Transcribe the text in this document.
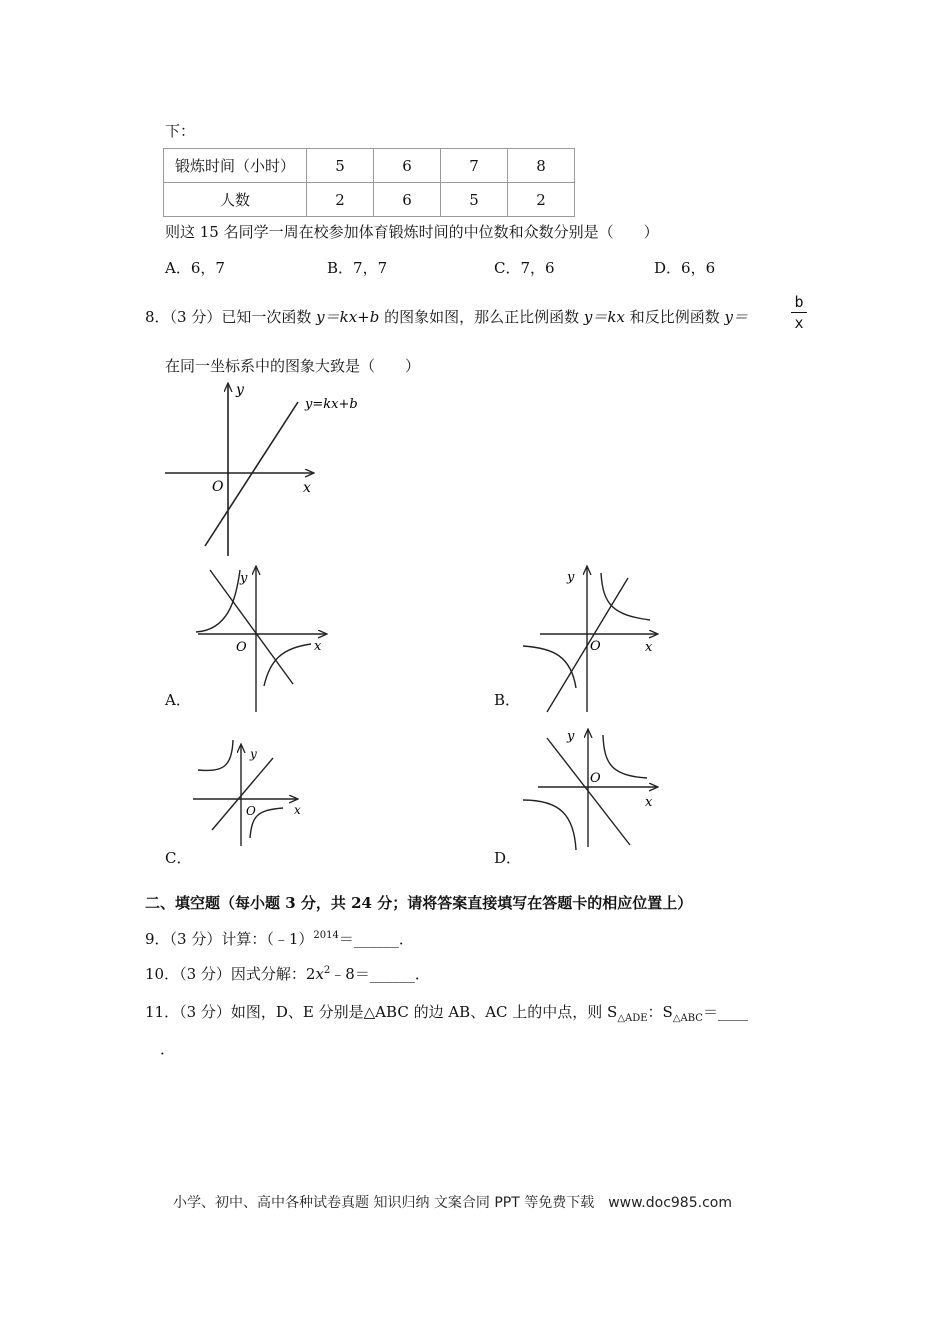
下：
锻炼时间（小时）	5	6	7	8
人数	2	6	5	2
则这 15 名同学一周在校参加体育锻炼时间的中位数和众数分别是（　　）
A．6，7	B．7，7	C．7，6	D．6，6
8．（3 分）已知一次函数 y＝kx+b 的图象如图，那么正比例函数 y＝kx 和反比例函数 y＝
b
x
在同一坐标系中的图象大致是（　　）
y
x
O
y=kx+b
y
x
O
y
x
O
y
x
O
y
x
O
A．	B．
C．	D．
二、填空题（每小题 3 分，共 24 分；请将答案直接填写在答题卡的相应位置上）
9．（3 分）计算：（﹣1）$^{2014}$＝______．
10．（3 分）因式分解：$2x^2﹣8=\_\_\_\_\_\_$．
11．（3 分）如图，D、E 分别是△ABC 的边 AB、AC 上的中点，则 $S_{\triangle ADE}$：$S_{\triangle ABC}=\_\_\_\_$
．
小学、初中、高中各种试卷真题 知识归纳 文案合同 PPT 等免费下载　www.doc985.com
